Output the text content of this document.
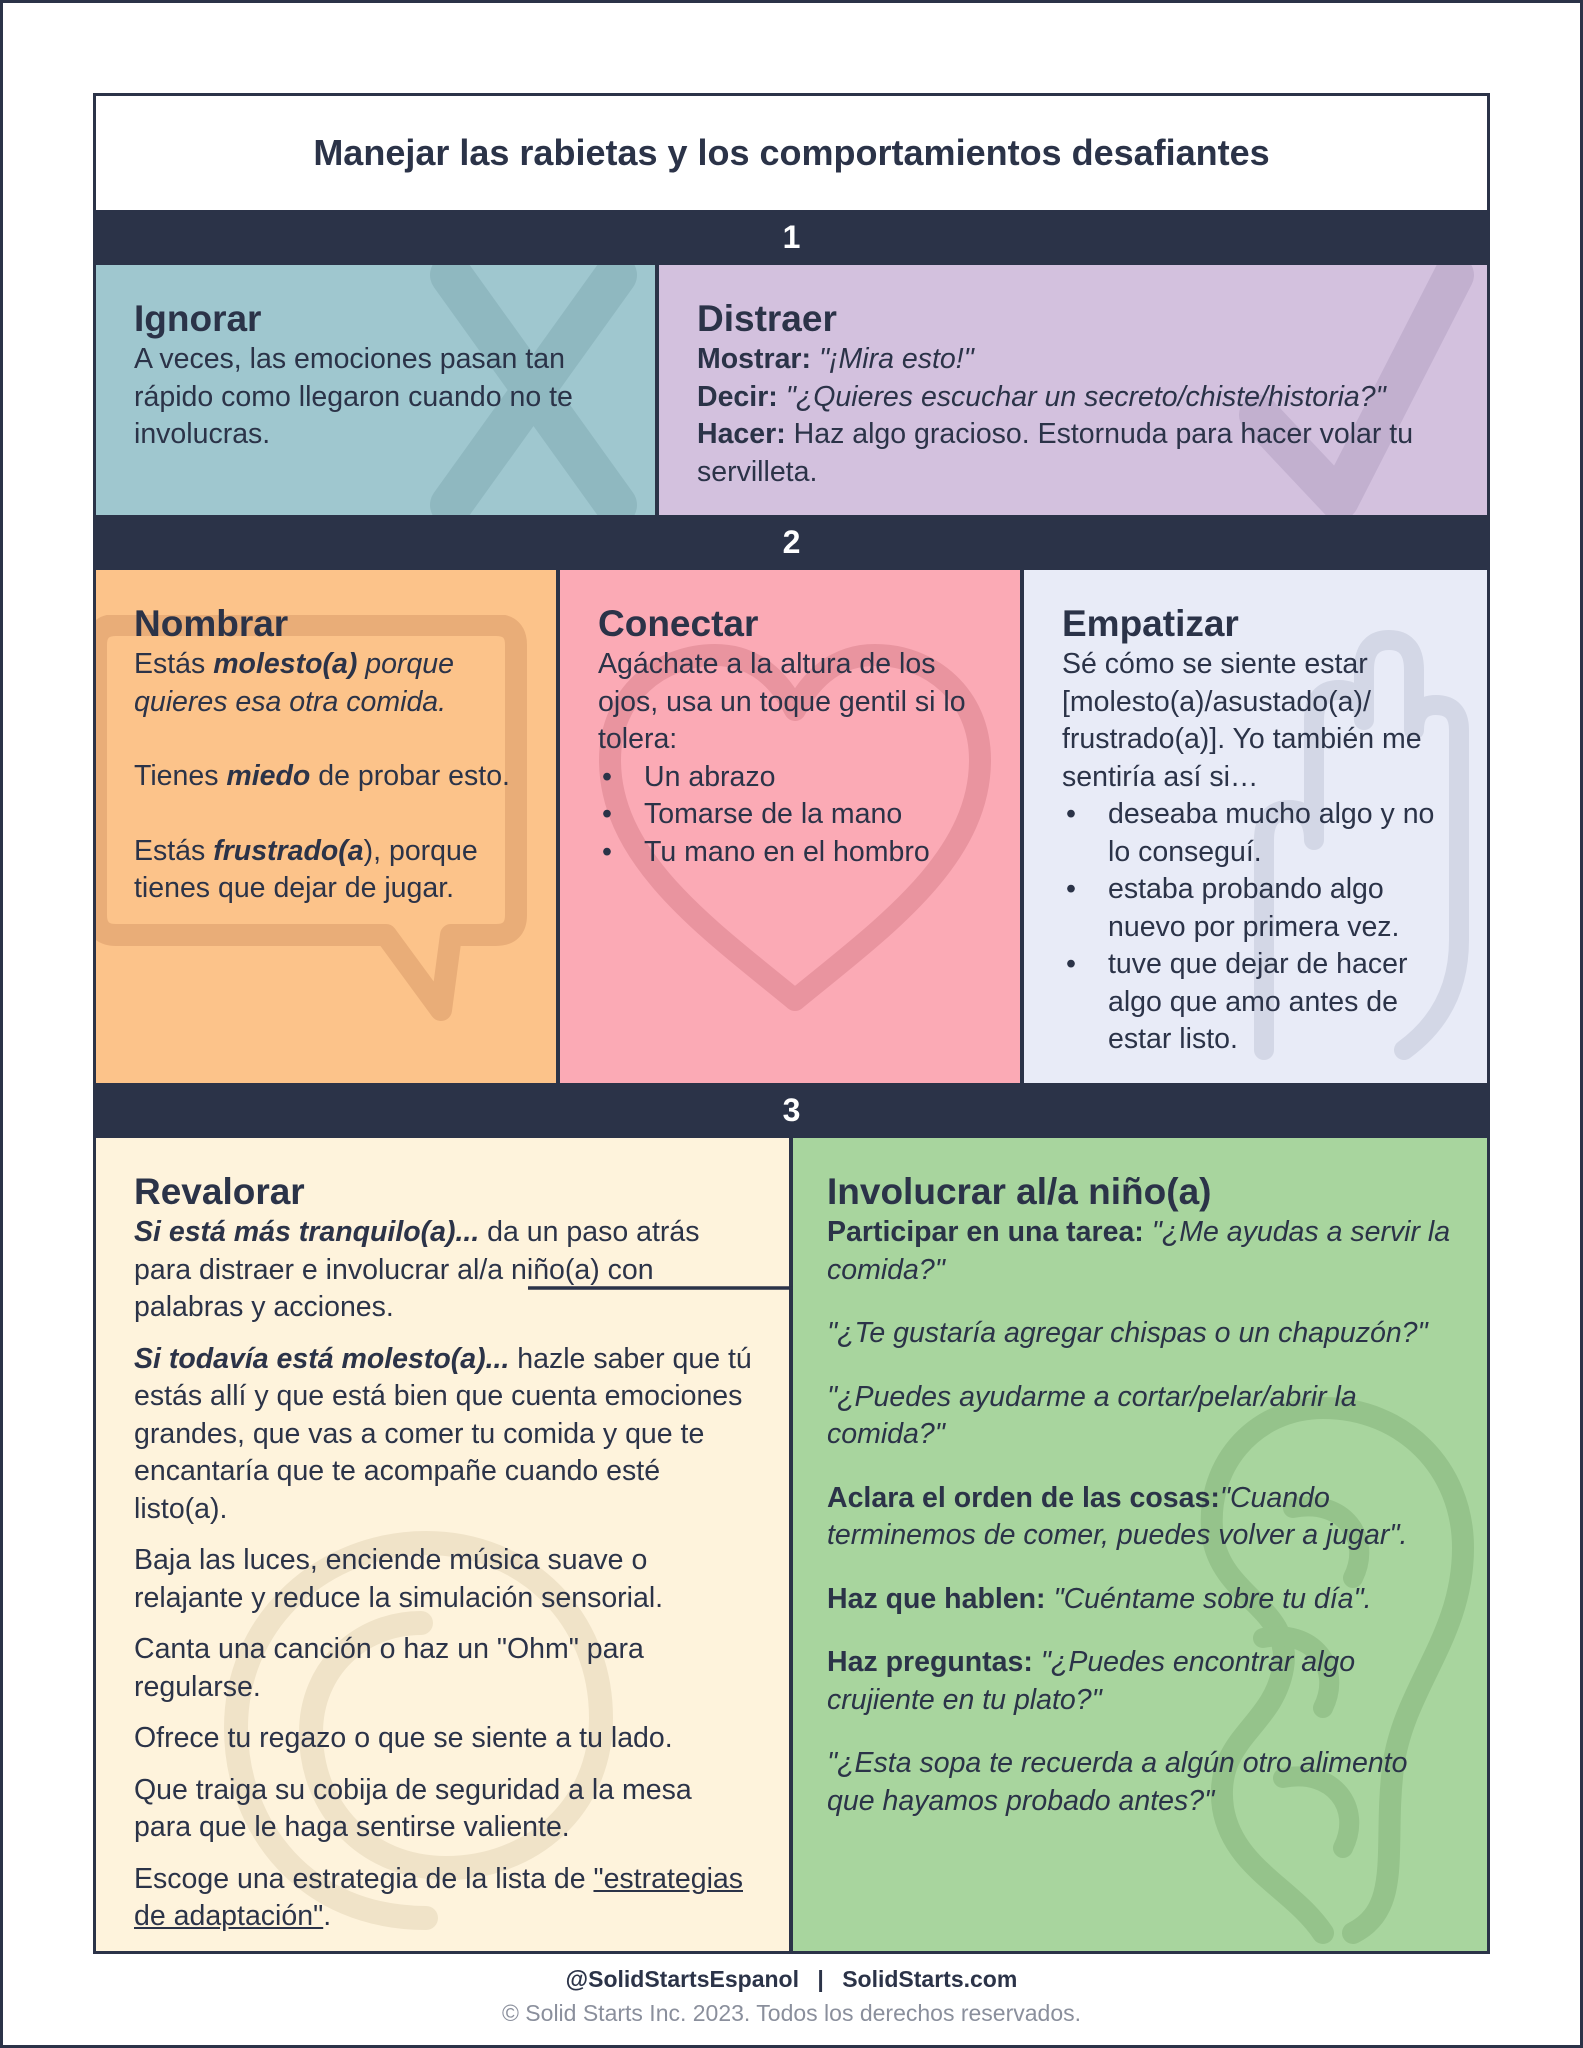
Manejar las rabietas y los comportamientos desafiantes
1
Ignorar

A veces, las emociones pasan tan rápido como llegaron cuando no te involucras.

Distraer

Mostrar: "¡Mira esto!"

Decir: "¿Quieres escuchar un secreto/chiste/historia?"

Hacer: Haz algo gracioso. Estornuda para hacer volar tu servilleta.

2
Nombrar

Estás molesto(a) porque quieres esa otra comida.

Tienes miedo de probar esto.

Estás frustrado(a), porque tienes que dejar de jugar.

Conectar

Agáchate a la altura de los ojos, usa un toque gentil si lo tolera:

• Un abrazo
• Tomarse de la mano
• Tu mano en el hombro
Empatizar

Sé cómo se siente estar [molesto(a)/asustado(a)/ frustrado(a)]. Yo también me sentiría así si…

• deseaba mucho algo y no lo conseguí.
• estaba probando algo nuevo por primera vez.
• tuve que dejar de hacer algo que amo antes de estar listo.
3
Revalorar

Si está más tranquilo(a)... da un paso atrás para distraer e involucrar al/a niño(a) con palabras y acciones.

Si todavía está molesto(a)... hazle saber que tú estás allí y que está bien que cuenta emociones grandes, que vas a comer tu comida y que te encantaría que te acompañe cuando esté listo(a).

Baja las luces, enciende música suave o relajante y reduce la simulación sensorial.

Canta una canción o haz un "Ohm" para regularse.

Ofrece tu regazo o que se siente a tu lado.

Que traiga su cobija de seguridad a la mesa para que le haga sentirse valiente.

Escoge una estrategia de la lista de "estrategias de adaptación".

Involucrar al/a niño(a)

Participar en una tarea: "¿Me ayudas a servir la comida?"

"¿Te gustaría agregar chispas o un chapuzón?"

"¿Puedes ayudarme a cortar/pelar/abrir la comida?"

Aclara el orden de las cosas:"Cuando terminemos de comer, puedes volver a jugar".

Haz que hablen: "Cuéntame sobre tu día".

Haz preguntas: "¿Puedes encontrar algo crujiente en tu plato?"

"¿Esta sopa te recuerda a algún otro alimento que hayamos probado antes?"

@SolidStartsEspanol | SolidStarts.com
© Solid Starts Inc. 2023. Todos los derechos reservados.
